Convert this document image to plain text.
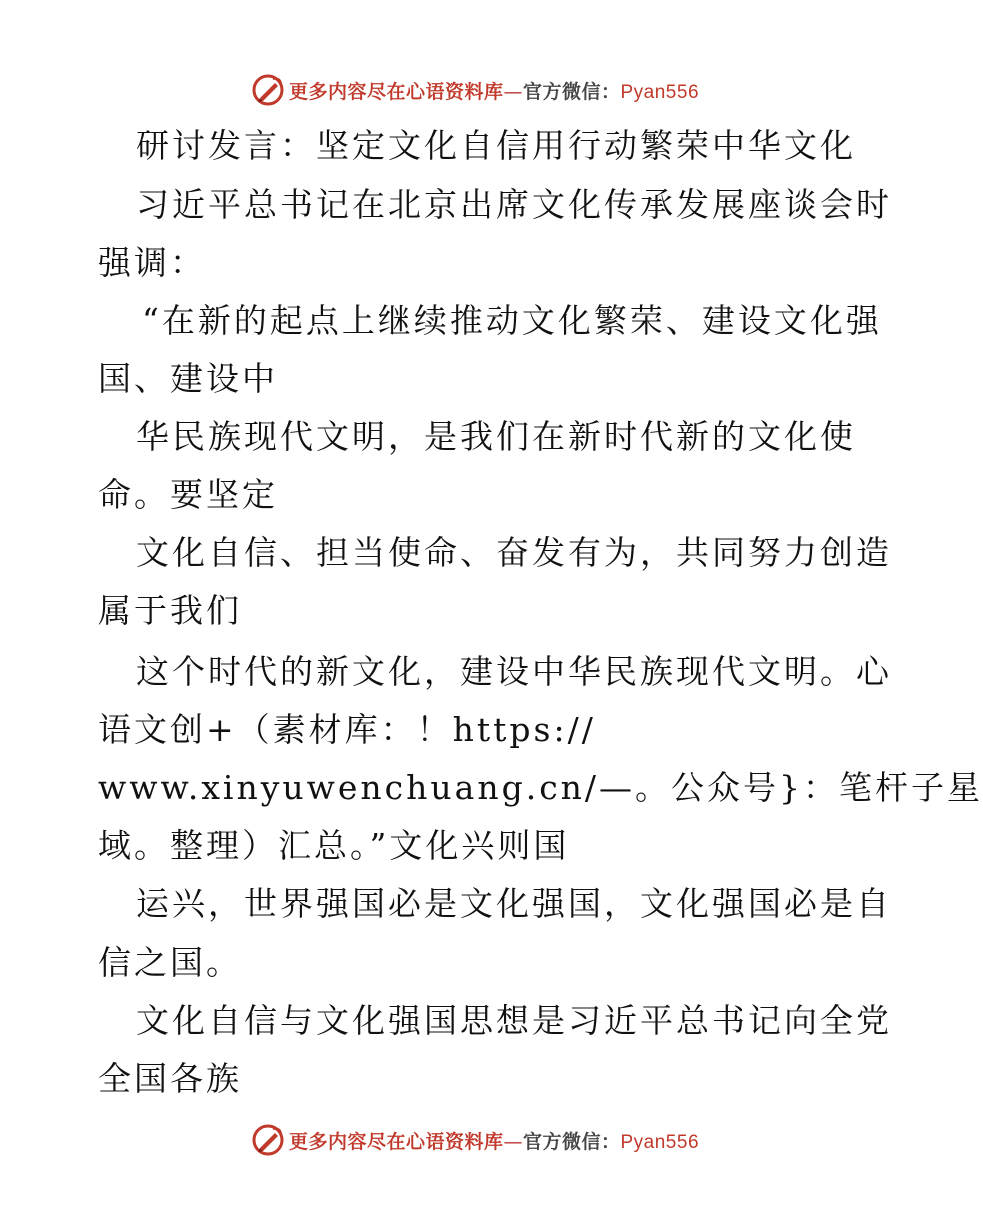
更多内容尽在心语资料库—官方微信：Pyan556
研讨发言：坚定文化自信用行动繁荣中华文化
习近平总书记在北京出席文化传承发展座谈会时
强调：
“在新的起点上继续推动文化繁荣、建设文化强
国、建设中
华民族现代文明，是我们在新时代新的文化使
命。要坚定
文化自信、担当使命、奋发有为，共同努力创造
属于我们
这个时代的新文化，建设中华民族现代文明。心
语文创+（素材库：！https://
www.xinyuwenchuang.cn/—。公众号}：笔杆子星
域。整理）汇总。”文化兴则国
运兴，世界强国必是文化强国，文化强国必是自
信之国。
文化自信与文化强国思想是习近平总书记向全党
全国各族
更多内容尽在心语资料库—官方微信：Pyan556
